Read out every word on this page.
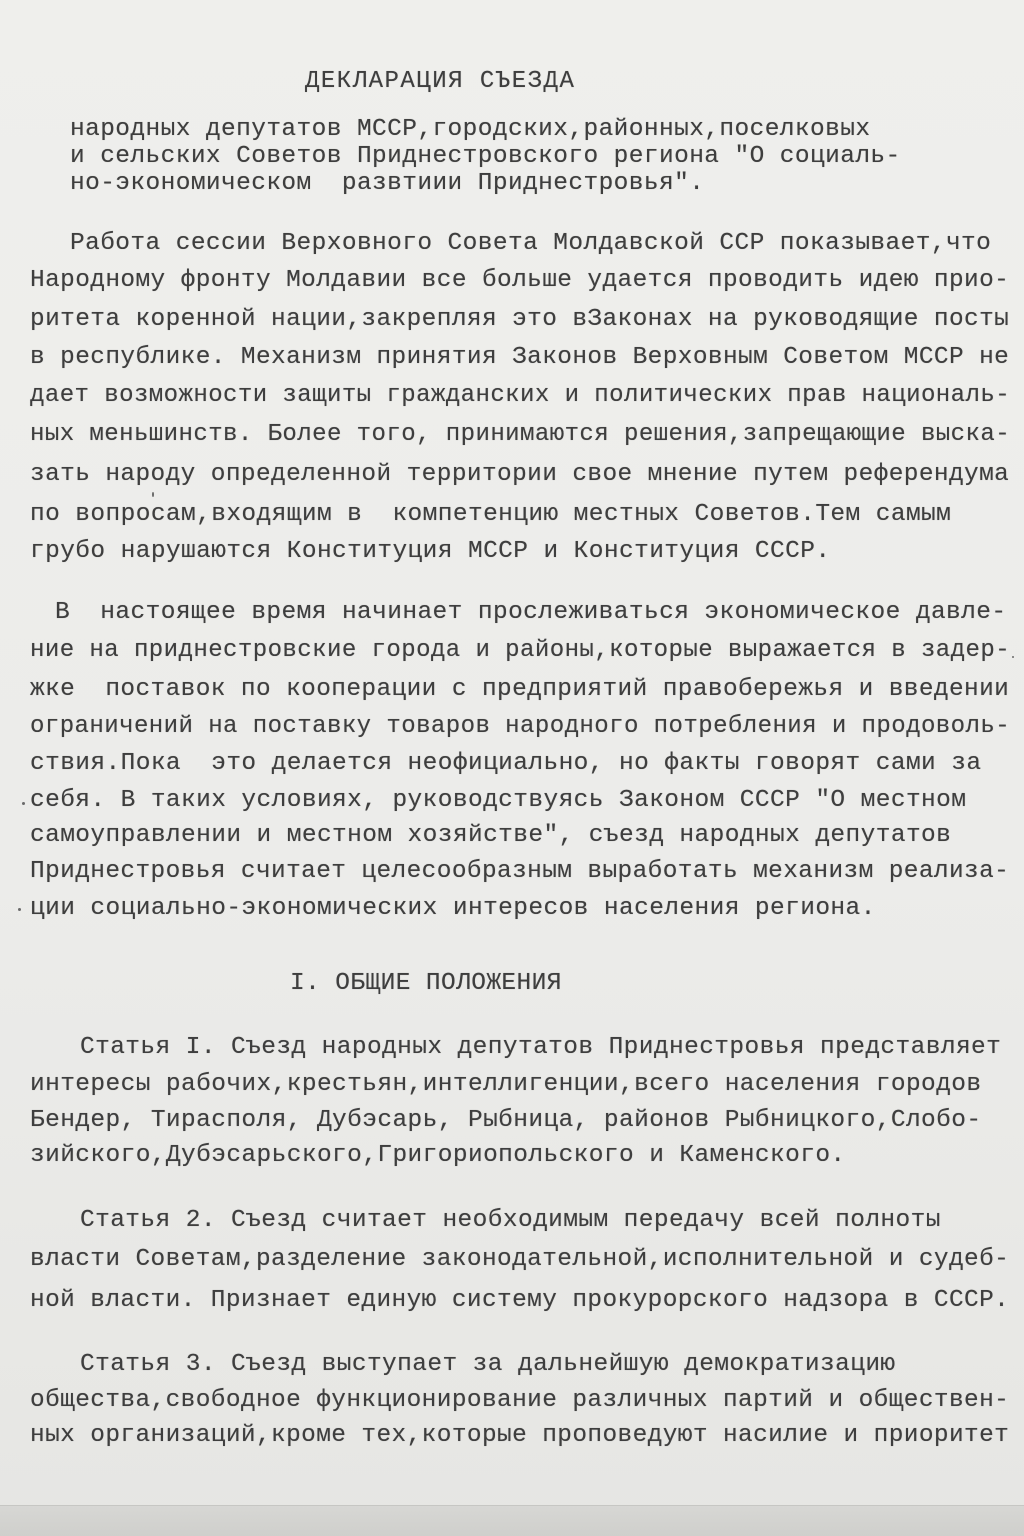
ДЕКЛАРАЦИЯ СЪЕЗДА

народных депутатов МССР,городских,районных,поселковых

и сельских Советов Приднестровского региона "О социаль-

но-экономическом  развтиии Приднестровья".

Работа сессии Верховного Совета Молдавской ССР показывает,что

Народному фронту Молдавии все больше удается проводить идею прио-

ритета коренной нации,закрепляя это вЗаконах на руководящие посты

в республике. Механизм принятия Законов Верховным Советом МССР не

дает возможности защиты гражданских и политических прав националь-

ных меньшинств. Более того, принимаются решения,запрещающие выска-

зать народу определенной территории свое мнение путем референдума

по вопросам,входящим в  компетенцию местных Советов.Тем самым

грубо нарушаются Конституция МССР и Конституция СССР.

В  настоящее время начинает прослеживаться экономическое давле-

ние на приднестровские города и районы,которые выражается в задер-

жке  поставок по кооперации с предприятий правобережья и введении

ограничений на поставку товаров народного потребления и продоволь-

ствия.Пока  это делается неофициально, но факты говорят сами за

себя. В таких условиях, руководствуясь Законом СССР "О местном

самоуправлении и местном хозяйстве", съезд народных депутатов

Приднестровья считает целесообразным выработать механизм реализа-

ции социально-экономических интересов населения региона.

I. ОБЩИЕ ПОЛОЖЕНИЯ

Статья I. Съезд народных депутатов Приднестровья представляет

интересы рабочих,крестьян,интеллигенции,всего населения городов

Бендер, Тирасполя, Дубэсарь, Рыбница, районов Рыбницкого,Слобо-

зийского,Дубэсарьского,Григориопольского и Каменского.

Статья 2. Съезд считает необходимым передачу всей полноты

власти Советам,разделение законодательной,исполнительной и судеб-

ной власти. Признает единую систему прокурорского надзора в СССР.

Статья 3. Съезд выступает за дальнейшую демократизацию

общества,свободное функционирование различных партий и обществен-

ных организаций,кроме тех,которые проповедуют насилие и приоритет
